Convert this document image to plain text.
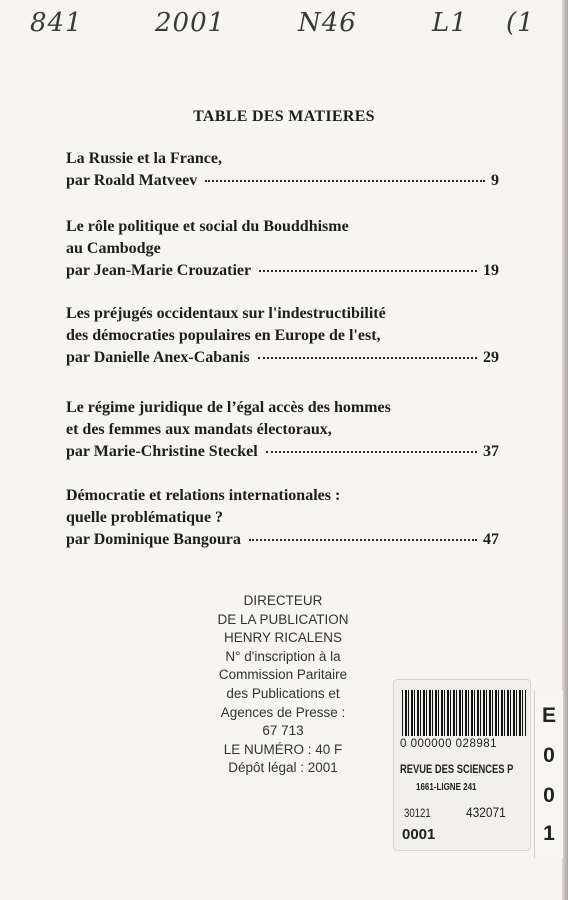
841	2001	N46	L1 (1
TABLE DES MATIERES
La Russie et la France,
par Roald Matveev	9
Le rôle politique et social du Bouddhisme
au Cambodge
par Jean-Marie Crouzatier	19
Les préjugés occidentaux sur l'indestructibilité
des démocraties populaires en Europe de l'est,
par Danielle Anex-Cabanis	29
Le régime juridique de l’égal accès des hommes
et des femmes aux mandats électoraux,
par Marie-Christine Steckel	37
Démocratie et relations internationales :
quelle problématique ?
par Dominique Bangoura	47
DIRECTEUR
DE LA PUBLICATION
HENRY RICALENS
N° d'inscription à la
Commission Paritaire
des Publications et
Agences de Presse :
67 713
LE NUMÉRO : 40 F
Dépôt légal : 2001
0 000000 028981
REVUE DES SCIENCES P
1661-LIGNE 241
30121	432071
0001
E
0
0
1
